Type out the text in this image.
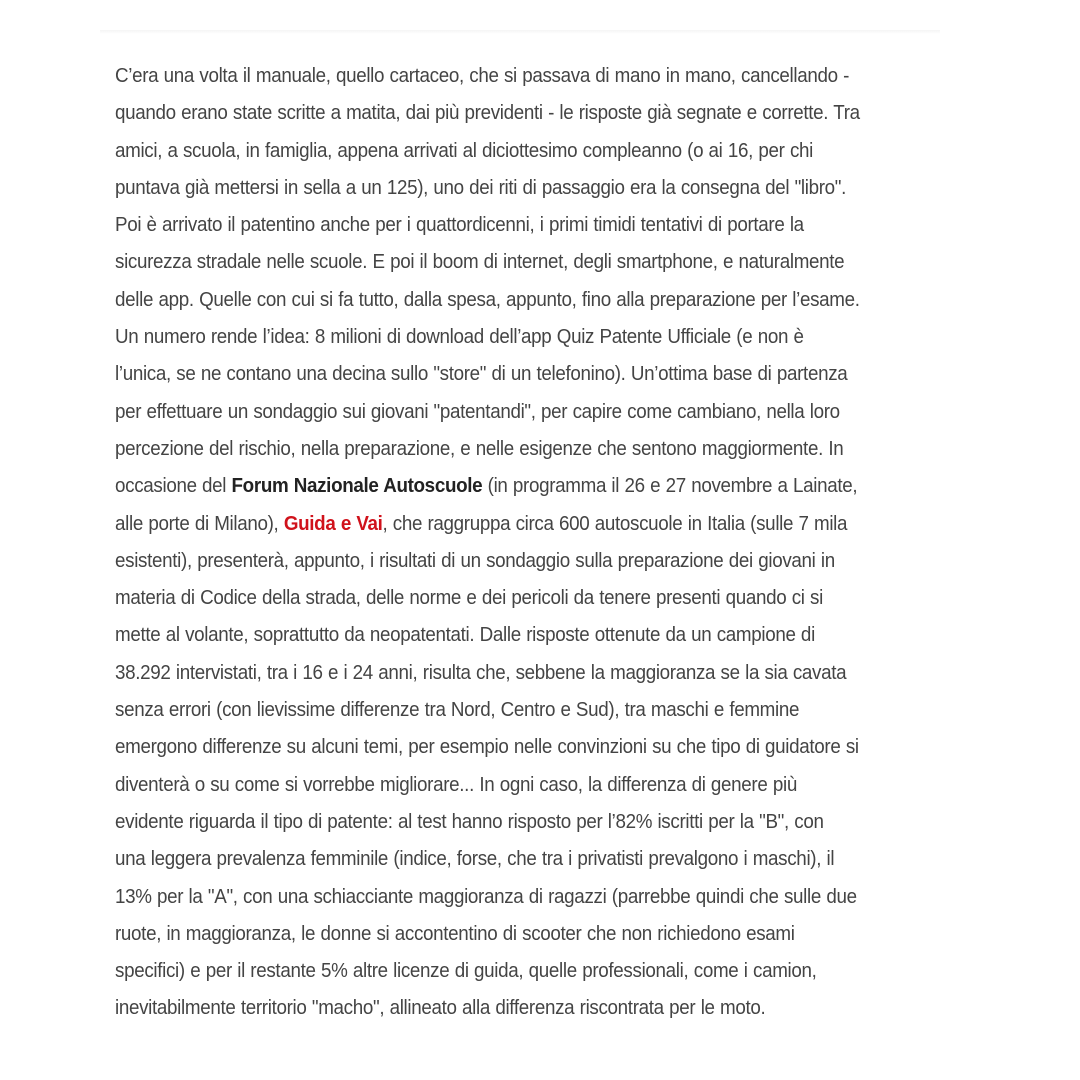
C’era una volta il manuale, quello cartaceo, che si passava di mano in mano, cancellando -
quando erano state scritte a matita, dai più previdenti - le risposte già segnate e corrette. Tra
amici, a scuola, in famiglia, appena arrivati al diciottesimo compleanno (o ai 16, per chi
puntava già mettersi in sella a un 125), uno dei riti di passaggio era la consegna del "libro".
Poi è arrivato il patentino anche per i quattordicenni, i primi timidi tentativi di portare la
sicurezza stradale nelle scuole. E poi il boom di internet, degli smartphone, e naturalmente
delle app. Quelle con cui si fa tutto, dalla spesa, appunto, fino alla preparazione per l’esame.
Un numero rende l’idea: 8 milioni di download dell’app Quiz Patente Ufficiale (e non è
l’unica, se ne contano una decina sullo "store" di un telefonino). Un’ottima base di partenza
per effettuare un sondaggio sui giovani "patentandi", per capire come cambiano, nella loro
percezione del rischio, nella preparazione, e nelle esigenze che sentono maggiormente. In
occasione del Forum Nazionale Autoscuole (in programma il 26 e 27 novembre a Lainate,
alle porte di Milano), Guida e Vai, che raggruppa circa 600 autoscuole in Italia (sulle 7 mila
esistenti), presenterà, appunto, i risultati di un sondaggio sulla preparazione dei giovani in
materia di Codice della strada, delle norme e dei pericoli da tenere presenti quando ci si
mette al volante, soprattutto da neopatentati. Dalle risposte ottenute da un campione di
38.292 intervistati, tra i 16 e i 24 anni, risulta che, sebbene la maggioranza se la sia cavata
senza errori (con lievissime differenze tra Nord, Centro e Sud), tra maschi e femmine
emergono differenze su alcuni temi, per esempio nelle convinzioni su che tipo di guidatore si
diventerà o su come si vorrebbe migliorare... In ogni caso, la differenza di genere più
evidente riguarda il tipo di patente: al test hanno risposto per l’82% iscritti per la "B", con
una leggera prevalenza femminile (indice, forse, che tra i privatisti prevalgono i maschi), il
13% per la "A", con una schiacciante maggioranza di ragazzi (parrebbe quindi che sulle due
ruote, in maggioranza, le donne si accontentino di scooter che non richiedono esami
specifici) e per il restante 5% altre licenze di guida, quelle professionali, come i camion,
inevitabilmente territorio "macho", allineato alla differenza riscontrata per le moto.
